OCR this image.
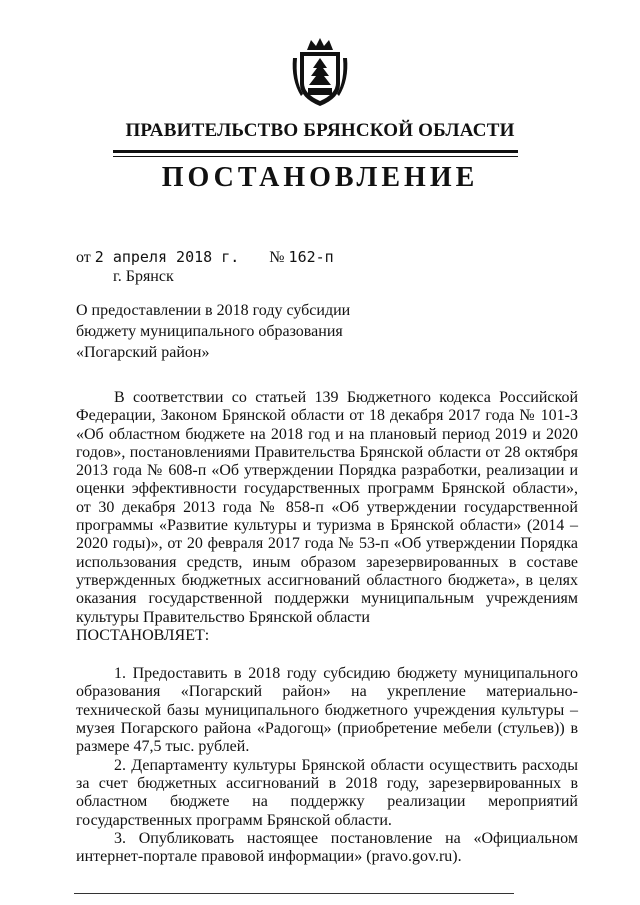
ПРАВИТЕЛЬСТВО БРЯНСКОЙ ОБЛАСТИ
ПОСТАНОВЛЕНИЕ
от 2 апреля 2018 г. № 162-п
г. Брянск
О предоставлении в 2018 году субсидии
бюджету муниципального образования
«Погарский район»

В соответствии со статьей 139 Бюджетного кодекса Российской Федерации, Законом Брянской области от 18 декабря 2017 года № 101-З «Об областном бюджете на 2018 год и на плановый период 2019 и 2020 годов», постановлениями Правительства Брянской области от 28 октября 2013 года № 608-п «Об утверждении Порядка разработки, реализации и оценки эффективности государственных программ Брянской области», от 30 декабря 2013 года № 858-п «Об утверждении государственной программы «Развитие культуры и туризма в Брянской области» (2014 – 2020 годы)», от 20 февраля 2017 года № 53-п «Об утверждении Порядка использования средств, иным образом зарезервированных в составе утвержденных бюджетных ассигнований областного бюджета», в целях оказания государственной поддержки муниципальным учреждениям культуры Правительство Брянской области

ПОСТАНОВЛЯЕТ:

1. Предоставить в 2018 году субсидию бюджету муниципального образования «Погарский район» на укрепление материально-технической базы муниципального бюджетного учреждения культуры – музея Погарского района «Радогощ» (приобретение мебели (стульев)) в размере 47,5 тыс. рублей.

2. Департаменту культуры Брянской области осуществить расходы за счет бюджетных ассигнований в 2018 году, зарезервированных в областном бюджете на поддержку реализации мероприятий государственных программ Брянской области.

3. Опубликовать настоящее постановление на «Официальном интернет-портале правовой информации» (pravo.gov.ru).
